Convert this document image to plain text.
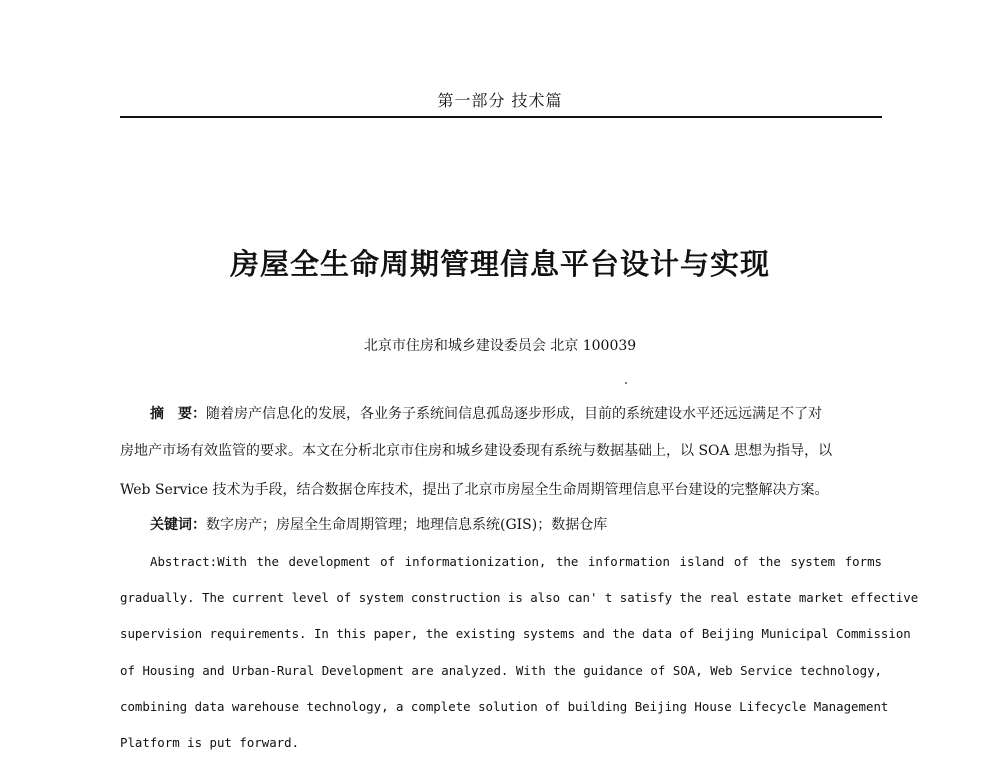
第一部分 技术篇
房屋全生命周期管理信息平台设计与实现
北京市住房和城乡建设委员会 北京 100039
摘　要：随着房产信息化的发展，各业务子系统间信息孤岛逐步形成，目前的系统建设水平还远远满足不了对
房地产市场有效监管的要求。本文在分析北京市住房和城乡建设委现有系统与数据基础上，以 SOA 思想为指导，以
Web Service 技术为手段，结合数据仓库技术，提出了北京市房屋全生命周期管理信息平台建设的完整解决方案。
关键词：数字房产；房屋全生命周期管理；地理信息系统(GIS)；数据仓库
Abstract:With the development of informationization, the information island of the system forms
gradually. The current level of system construction is also can' t satisfy the real estate market effective
supervision requirements. In this paper, the existing systems and the data of Beijing Municipal Commission
of Housing and Urban-Rural Development are analyzed. With the guidance of SOA, Web Service technology,
combining data warehouse technology, a complete solution of building Beijing House Lifecycle Management
Platform is put forward.
